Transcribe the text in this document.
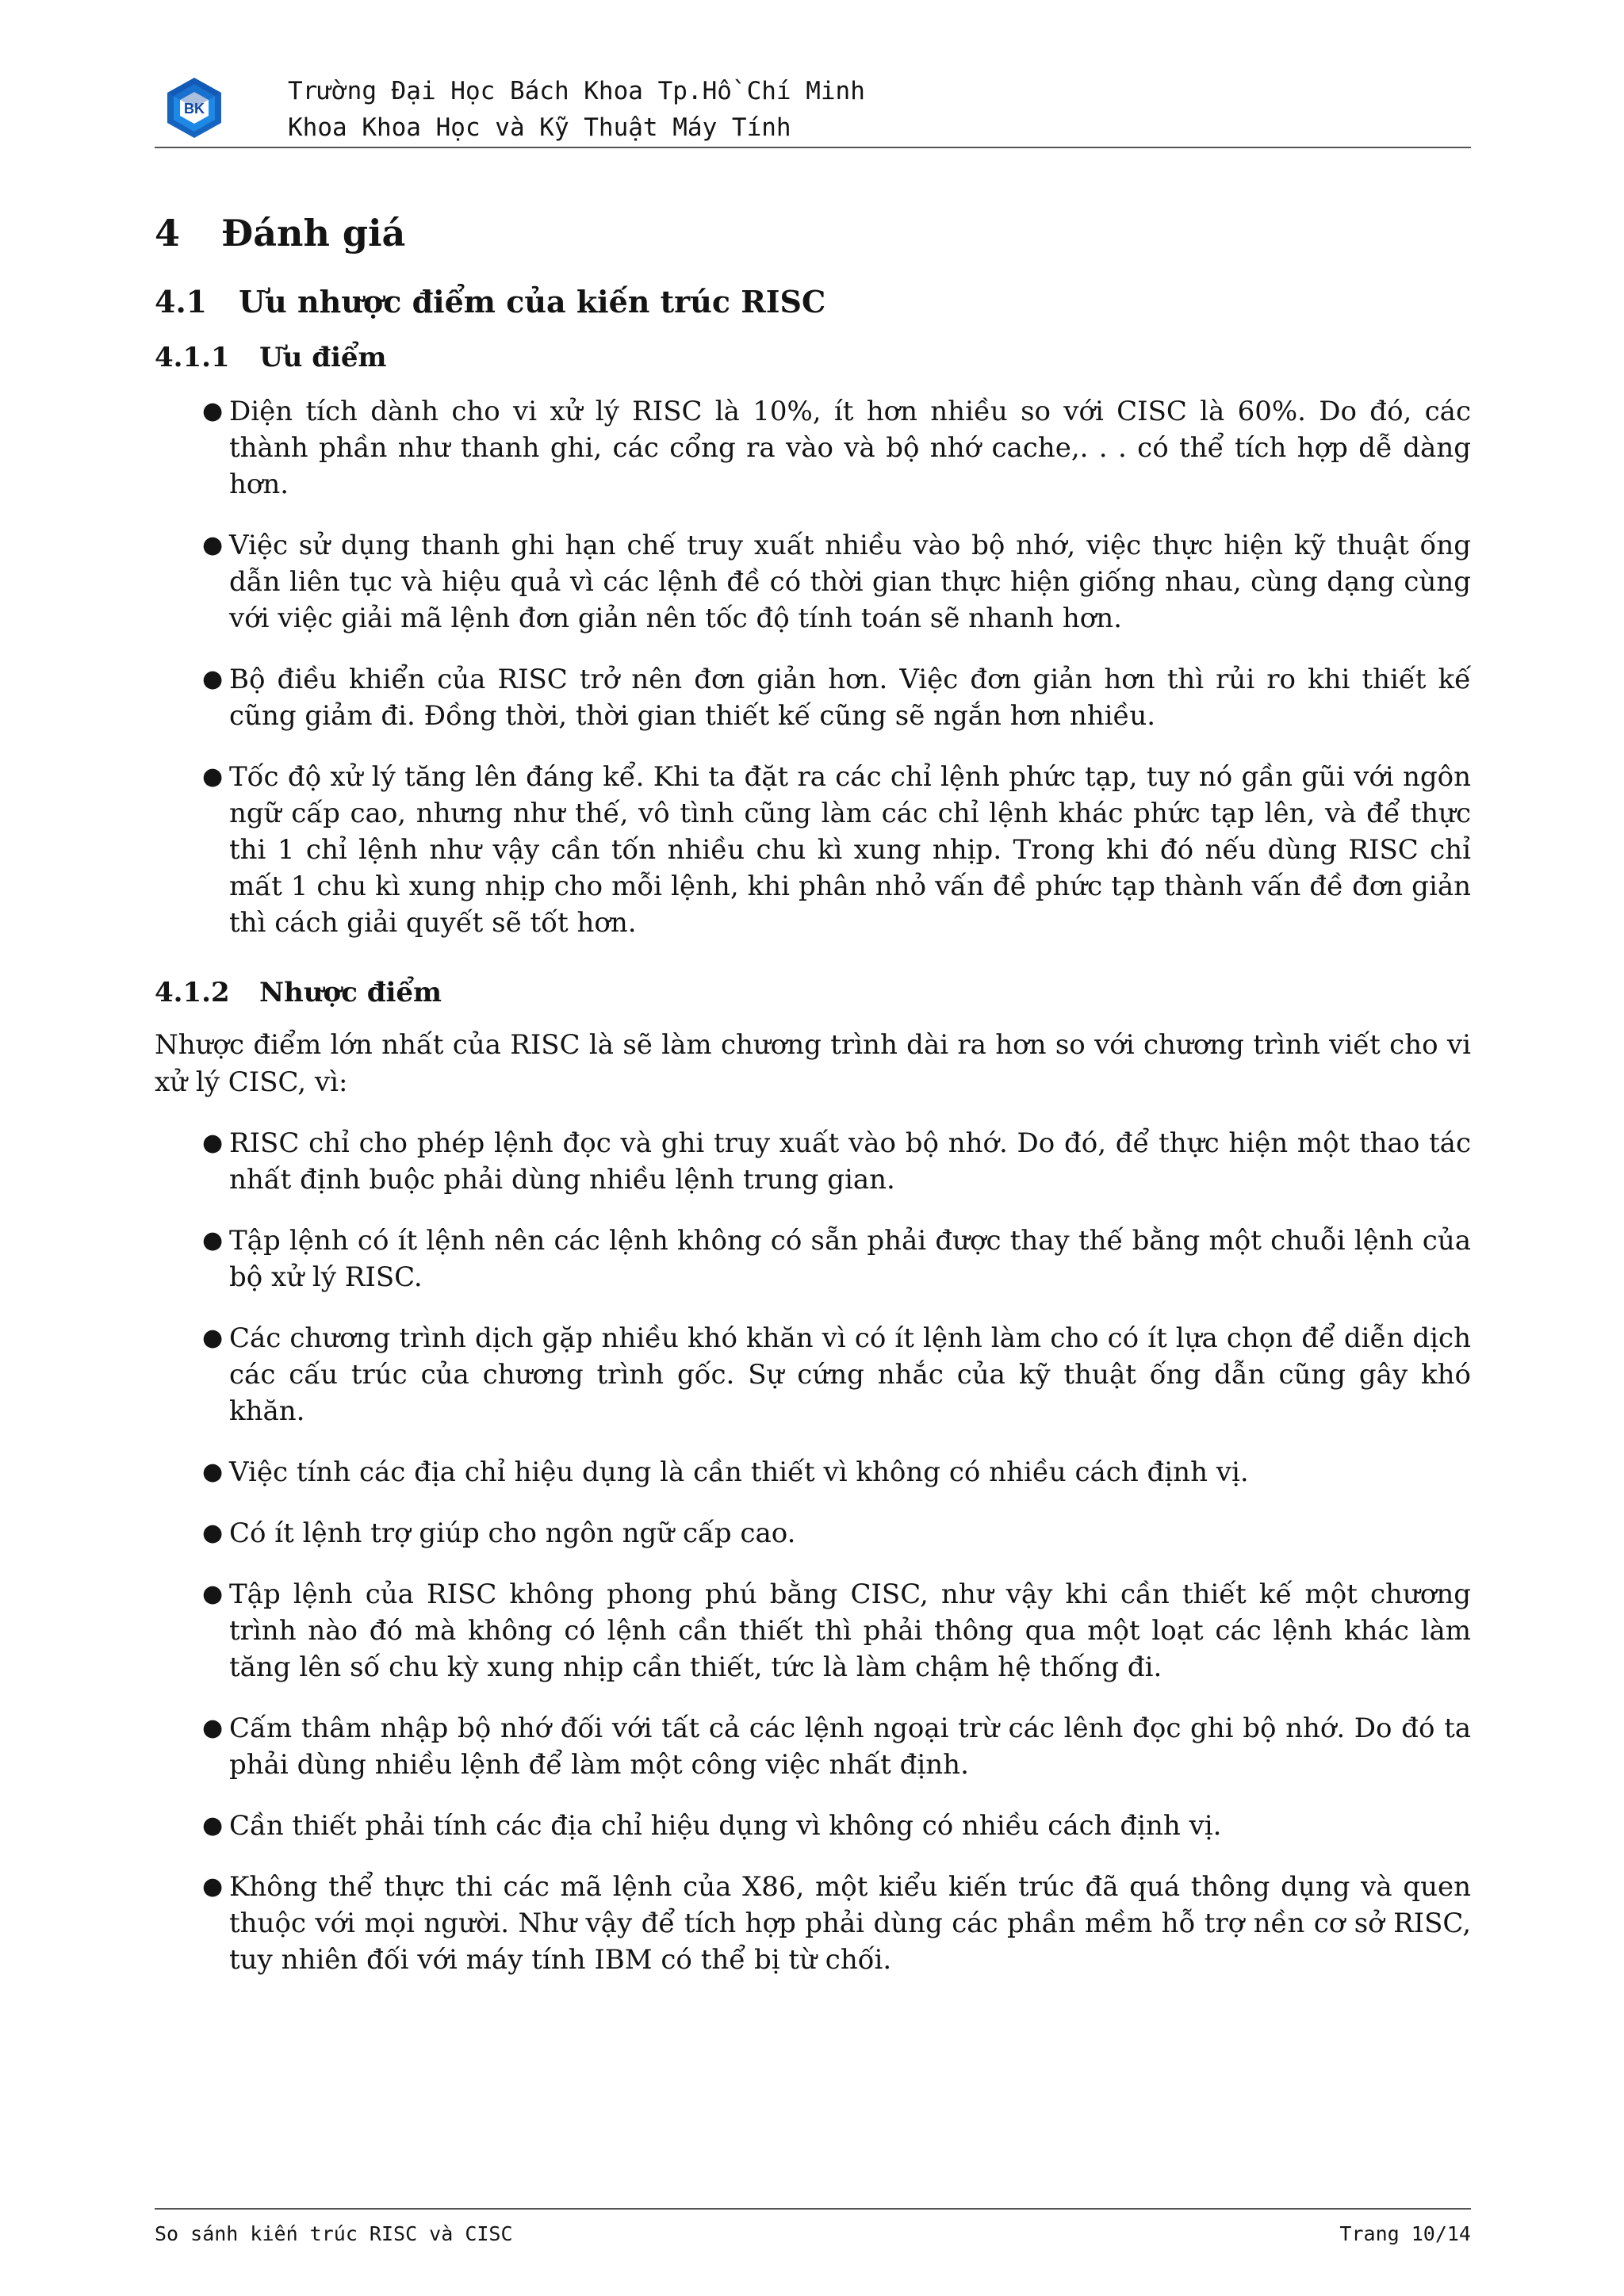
BK
Trường Đại Học Bách Khoa Tp.Hồ Chí Minh
Khoa Khoa Học và Kỹ Thuật Máy Tính
4 Đánh giá
4.1 Ưu nhược điểm của kiến trúc RISC
4.1.1 Ưu điểm
● Diện tích dành cho vi xử lý RISC là 10%, ít hơn nhiều so với CISC là 60%. Do đó, các thành phần như thanh ghi, các cổng ra vào và bộ nhớ cache,. . . có thể tích hợp dễ dàng hơn.
● Việc sử dụng thanh ghi hạn chế truy xuất nhiều vào bộ nhớ, việc thực hiện kỹ thuật ống dẫn liên tục và hiệu quả vì các lệnh đề có thời gian thực hiện giống nhau, cùng dạng cùng với việc giải mã lệnh đơn giản nên tốc độ tính toán sẽ nhanh hơn.
● Bộ điều khiển của RISC trở nên đơn giản hơn. Việc đơn giản hơn thì rủi ro khi thiết kế cũng giảm đi. Đồng thời, thời gian thiết kế cũng sẽ ngắn hơn nhiều.
● Tốc độ xử lý tăng lên đáng kể. Khi ta đặt ra các chỉ lệnh phức tạp, tuy nó gần gũi với ngôn ngữ cấp cao, nhưng như thế, vô tình cũng làm các chỉ lệnh khác phức tạp lên, và để thực thi 1 chỉ lệnh như vậy cần tốn nhiều chu kì xung nhịp. Trong khi đó nếu dùng RISC chỉ mất 1 chu kì xung nhịp cho mỗi lệnh, khi phân nhỏ vấn đề phức tạp thành vấn đề đơn giản thì cách giải quyết sẽ tốt hơn.
4.1.2 Nhược điểm

Nhược điểm lớn nhất của RISC là sẽ làm chương trình dài ra hơn so với chương trình viết cho vi xử lý CISC, vì:

● RISC chỉ cho phép lệnh đọc và ghi truy xuất vào bộ nhớ. Do đó, để thực hiện một thao tác nhất định buộc phải dùng nhiều lệnh trung gian.
● Tập lệnh có ít lệnh nên các lệnh không có sẵn phải được thay thế bằng một chuỗi lệnh của bộ xử lý RISC.
● Các chương trình dịch gặp nhiều khó khăn vì có ít lệnh làm cho có ít lựa chọn để diễn dịch các cấu trúc của chương trình gốc. Sự cứng nhắc của kỹ thuật ống dẫn cũng gây khó khăn.
● Việc tính các địa chỉ hiệu dụng là cần thiết vì không có nhiều cách định vị.
● Có ít lệnh trợ giúp cho ngôn ngữ cấp cao.
● Tập lệnh của RISC không phong phú bằng CISC, như vậy khi cần thiết kế một chương trình nào đó mà không có lệnh cần thiết thì phải thông qua một loạt các lệnh khác làm tăng lên số chu kỳ xung nhịp cần thiết, tức là làm chậm hệ thống đi.
● Cấm thâm nhập bộ nhớ đối với tất cả các lệnh ngoại trừ các lênh đọc ghi bộ nhớ. Do đó ta phải dùng nhiều lệnh để làm một công việc nhất định.
● Cần thiết phải tính các địa chỉ hiệu dụng vì không có nhiều cách định vị.
● Không thể thực thi các mã lệnh của X86, một kiểu kiến trúc đã quá thông dụng và quen thuộc với mọi người. Như vậy để tích hợp phải dùng các phần mềm hỗ trợ nền cơ sở RISC, tuy nhiên đối với máy tính IBM có thể bị từ chối.
So sánh kiến trúc RISC và CISC	Trang 10/14
